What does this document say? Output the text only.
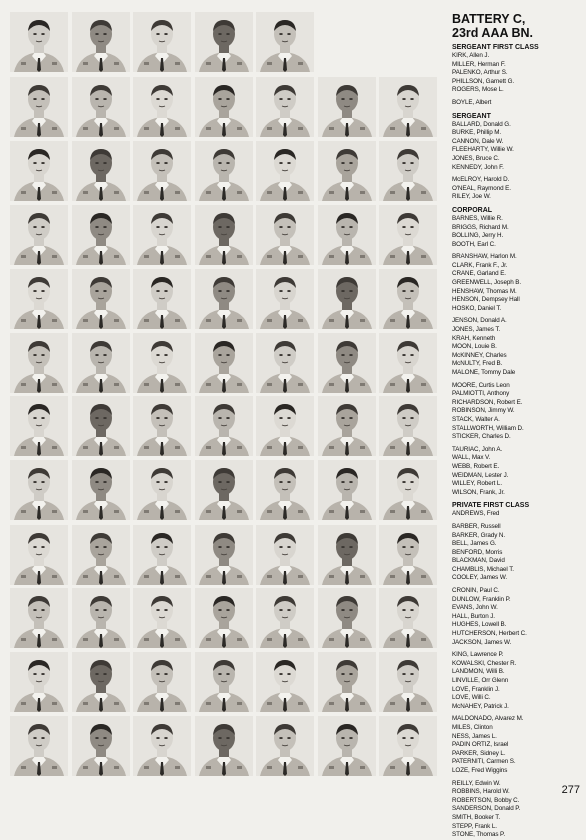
BATTERY C,
23rd AAA BN.
SERGEANT FIRST CLASS
KIRK, Allen J.
MILLER, Herman F.
PALENKO, Arthur S.
PHILLSON, Garnett G.
ROGERS, Mose L.
BOYLE, Albert
SERGEANT
BALLARD, Donald G.
BURKE, Phillip M.
CANNON, Dale W.
FLEEHARTY, Willie W.
JONES, Bruce C.
KENNEDY, John F.
McELROY, Harold D.
O'NEAL, Raymond E.
RILEY, Joe W.
CORPORAL
BARNES, Willie R.
BRIGGS, Richard M.
BOLLING, Jerry H.
BOOTH, Earl C.
BRANSHAW, Harlon M.
CLARK, Frank F., Jr.
CRANE, Garland E.
GREENWELL, Joseph B.
HENSHAW, Thomas M.
HENSON, Dempsey Hall
HOSKO, Daniel T.
JENSON, Donald A.
JONES, James T.
KRAH, Kenneth
MOON, Louie B.
McKINNEY, Charles
McNULTY, Fred B.
MALONE, Tommy Dale
MOORE, Curtis Leon
PALMIOTTI, Anthony
RICHARDSON, Robert E.
ROBINSON, Jimmy W.
STACK, Walter A.
STALLWORTH, William D.
STICKER, Charles D.
TAURIAC, John A.
WALL, Max V.
WEBB, Robert E.
WEIDMAN, Lester J.
WILLEY, Robert L.
WILSON, Frank, Jr.
PRIVATE FIRST CLASS
ANDREWS, Fred
BARBER, Russell
BARKER, Grady N.
BELL, James G.
BENFORD, Morris
BLACKMAN, David
CHAMBLIS, Michael T.
COOLEY, James W.
CRONIN, Paul C.
DUNLOW, Franklin P.
EVANS, John W.
HALL, Burton J.
HUGHES, Lowell B.
HUTCHERSON, Herbert C.
JACKSON, James W.
KING, Lawrence P.
KOWALSKI, Chester R.
LANDMON, Willi B.
LINVILLE, Orr Glenn
LOVE, Franklin J.
LOVE, Willi C.
McNAHEY, Patrick J.
MALDONADO, Alvarez M.
MILES, Clinton
NESS, James L.
PADIN ORTIZ, Israel
PARKER, Sidney L.
PATERNITI, Carmen S.
LOZE, Fred Wiggins
REILLY, Edwin W.
ROBBINS, Harold W.
ROBERTSON, Bobby C.
SANDERSON, Donald P.
SMITH, Booker T.
STEPP, Frank L.
STONE, Thomas P.
277
